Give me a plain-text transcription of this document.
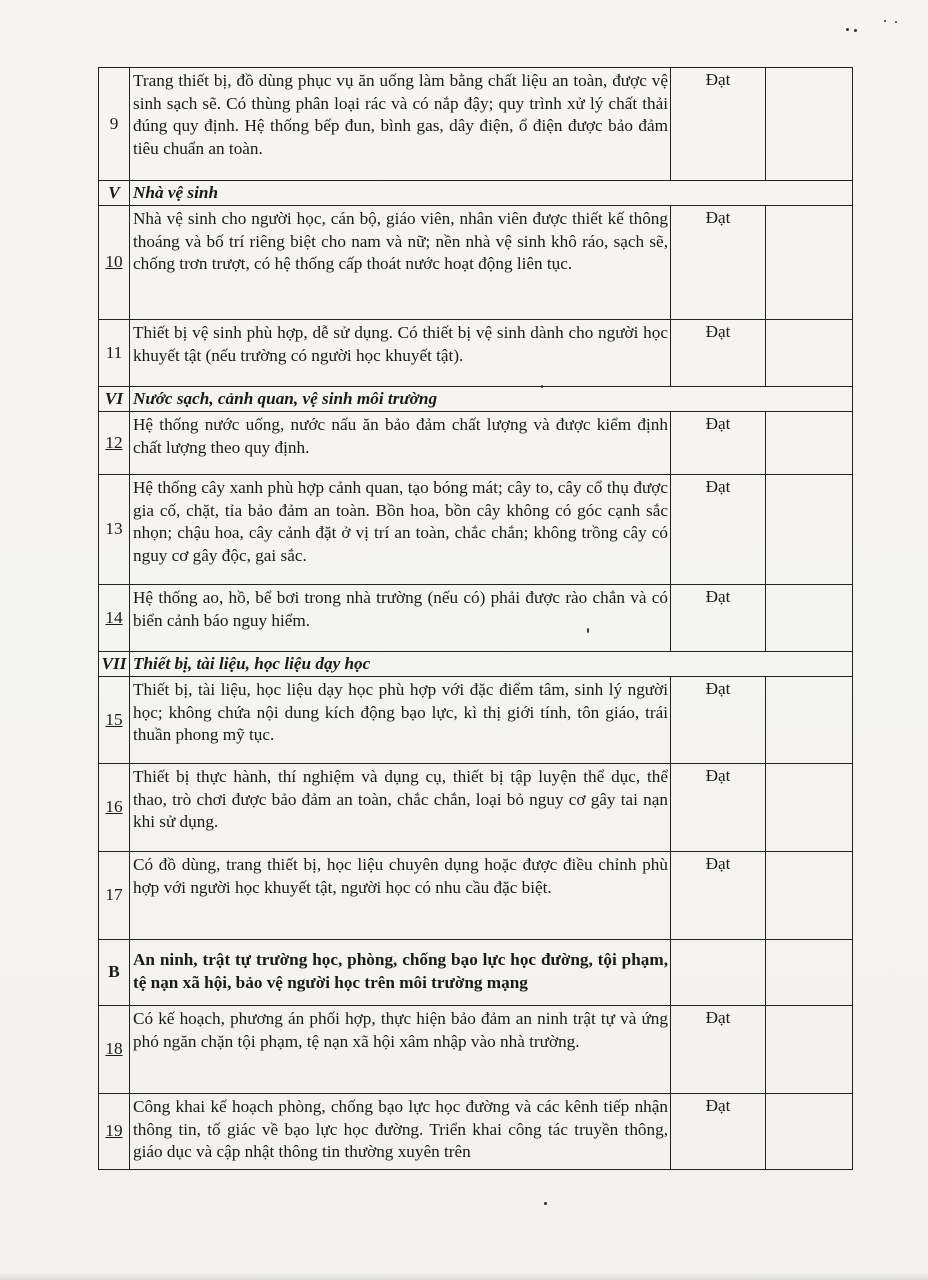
9	Trang thiết bị, đồ dùng phục vụ ăn uống làm bằng chất liệu an toàn, được vệ sinh sạch sẽ. Có thùng phân loại rác và có nắp đậy; quy trình xử lý chất thải đúng quy định. Hệ thống bếp đun, bình gas, dây điện, ổ điện được bảo đảm tiêu chuẩn an toàn.	Đạt	
V	Nhà vệ sinh		
10	Nhà vệ sinh cho người học, cán bộ, giáo viên, nhân viên được thiết kế thông thoáng và bố trí riêng biệt cho nam và nữ; nền nhà vệ sinh khô ráo, sạch sẽ, chống trơn trượt, có hệ thống cấp thoát nước hoạt động liên tục.	Đạt	
11	Thiết bị vệ sinh phù hợp, dễ sử dụng. Có thiết bị vệ sinh dành cho người học khuyết tật (nếu trường có người học khuyết tật).	Đạt	
VI	Nước sạch, cảnh quan, vệ sinh môi trường		
12	Hệ thống nước uống, nước nấu ăn bảo đảm chất lượng và được kiểm định chất lượng theo quy định.	Đạt	
13	Hệ thống cây xanh phù hợp cảnh quan, tạo bóng mát; cây to, cây cổ thụ được gia cố, chặt, tỉa bảo đảm an toàn. Bồn hoa, bồn cây không có góc cạnh sắc nhọn; chậu hoa, cây cảnh đặt ở vị trí an toàn, chắc chắn; không trồng cây có nguy cơ gây độc, gai sắc.	Đạt	
14	Hệ thống ao, hồ, bể bơi trong nhà trường (nếu có) phải được rào chắn và có biển cảnh báo nguy hiểm.	Đạt	
VII	Thiết bị, tài liệu, học liệu dạy học		
15	Thiết bị, tài liệu, học liệu dạy học phù hợp với đặc điểm tâm, sinh lý người học; không chứa nội dung kích động bạo lực, kì thị giới tính, tôn giáo, trái thuần phong mỹ tục.	Đạt	
16	Thiết bị thực hành, thí nghiệm và dụng cụ, thiết bị tập luyện thể dục, thể thao, trò chơi được bảo đảm an toàn, chắc chắn, loại bỏ nguy cơ gây tai nạn khi sử dụng.	Đạt	
17	Có đồ dùng, trang thiết bị, học liệu chuyên dụng hoặc được điều chỉnh phù hợp với người học khuyết tật, người học có nhu cầu đặc biệt.	Đạt	
B	An ninh, trật tự trường học, phòng, chống bạo lực học đường, tội phạm, tệ nạn xã hội, bảo vệ người học trên môi trường mạng		
18	Có kế hoạch, phương án phối hợp, thực hiện bảo đảm an ninh trật tự và ứng phó ngăn chặn tội phạm, tệ nạn xã hội xâm nhập vào nhà trường.	Đạt	
19	Công khai kế hoạch phòng, chống bạo lực học đường và các kênh tiếp nhận thông tin, tố giác về bạo lực học đường. Triển khai công tác truyền thông, giáo dục và cập nhật thông tin thường xuyên trên	Đạt	
